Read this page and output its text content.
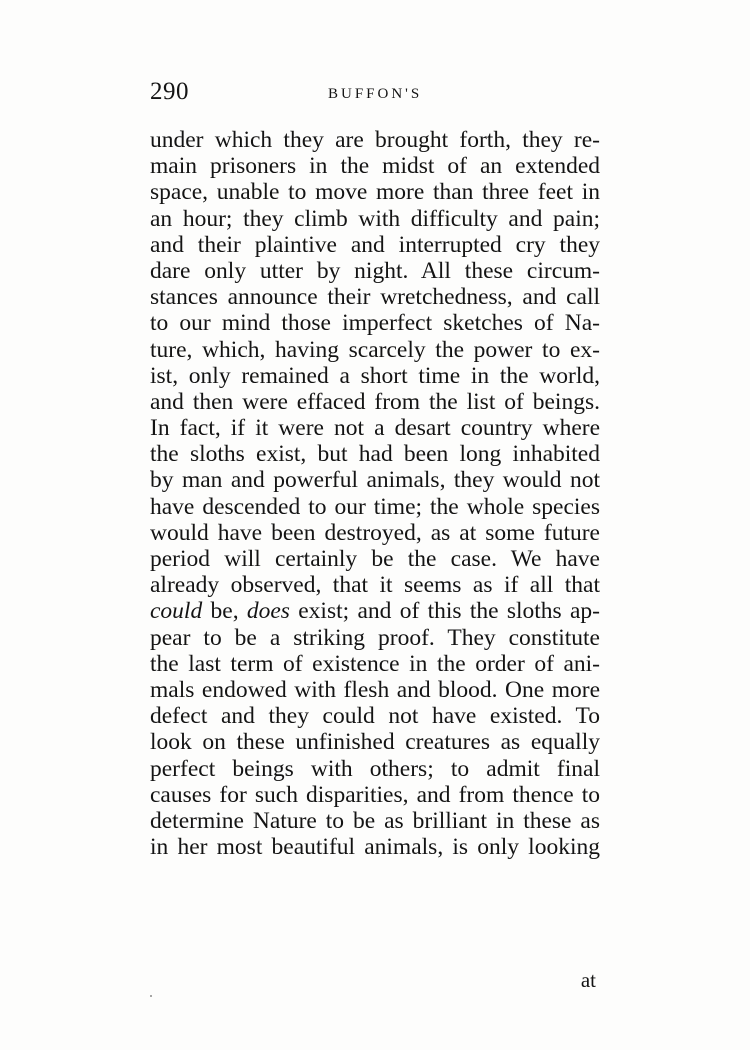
290	BUFFON'S
under which they are brought forth, they re-
main prisoners in the midst of an extended
space, unable to move more than three feet in
an hour; they climb with difficulty and pain;
and their plaintive and interrupted cry they
dare only utter by night. All these circum-
stances announce their wretchedness, and call
to our mind those imperfect sketches of Na-
ture, which, having scarcely the power to ex-
ist, only remained a short time in the world,
and then were effaced from the list of beings.
In fact, if it were not a desart country where
the sloths exist, but had been long inhabited
by man and powerful animals, they would not
have descended to our time; the whole species
would have been destroyed, as at some future
period will certainly be the case. We have
already observed, that it seems as if all that
could be, does exist; and of this the sloths ap-
pear to be a striking proof. They constitute
the last term of existence in the order of ani-
mals endowed with flesh and blood. One more
defect and they could not have existed. To
look on these unfinished creatures as equally
perfect beings with others; to admit final
causes for such disparities, and from thence to
determine Nature to be as brilliant in these as
in her most beautiful animals, is only looking
at
